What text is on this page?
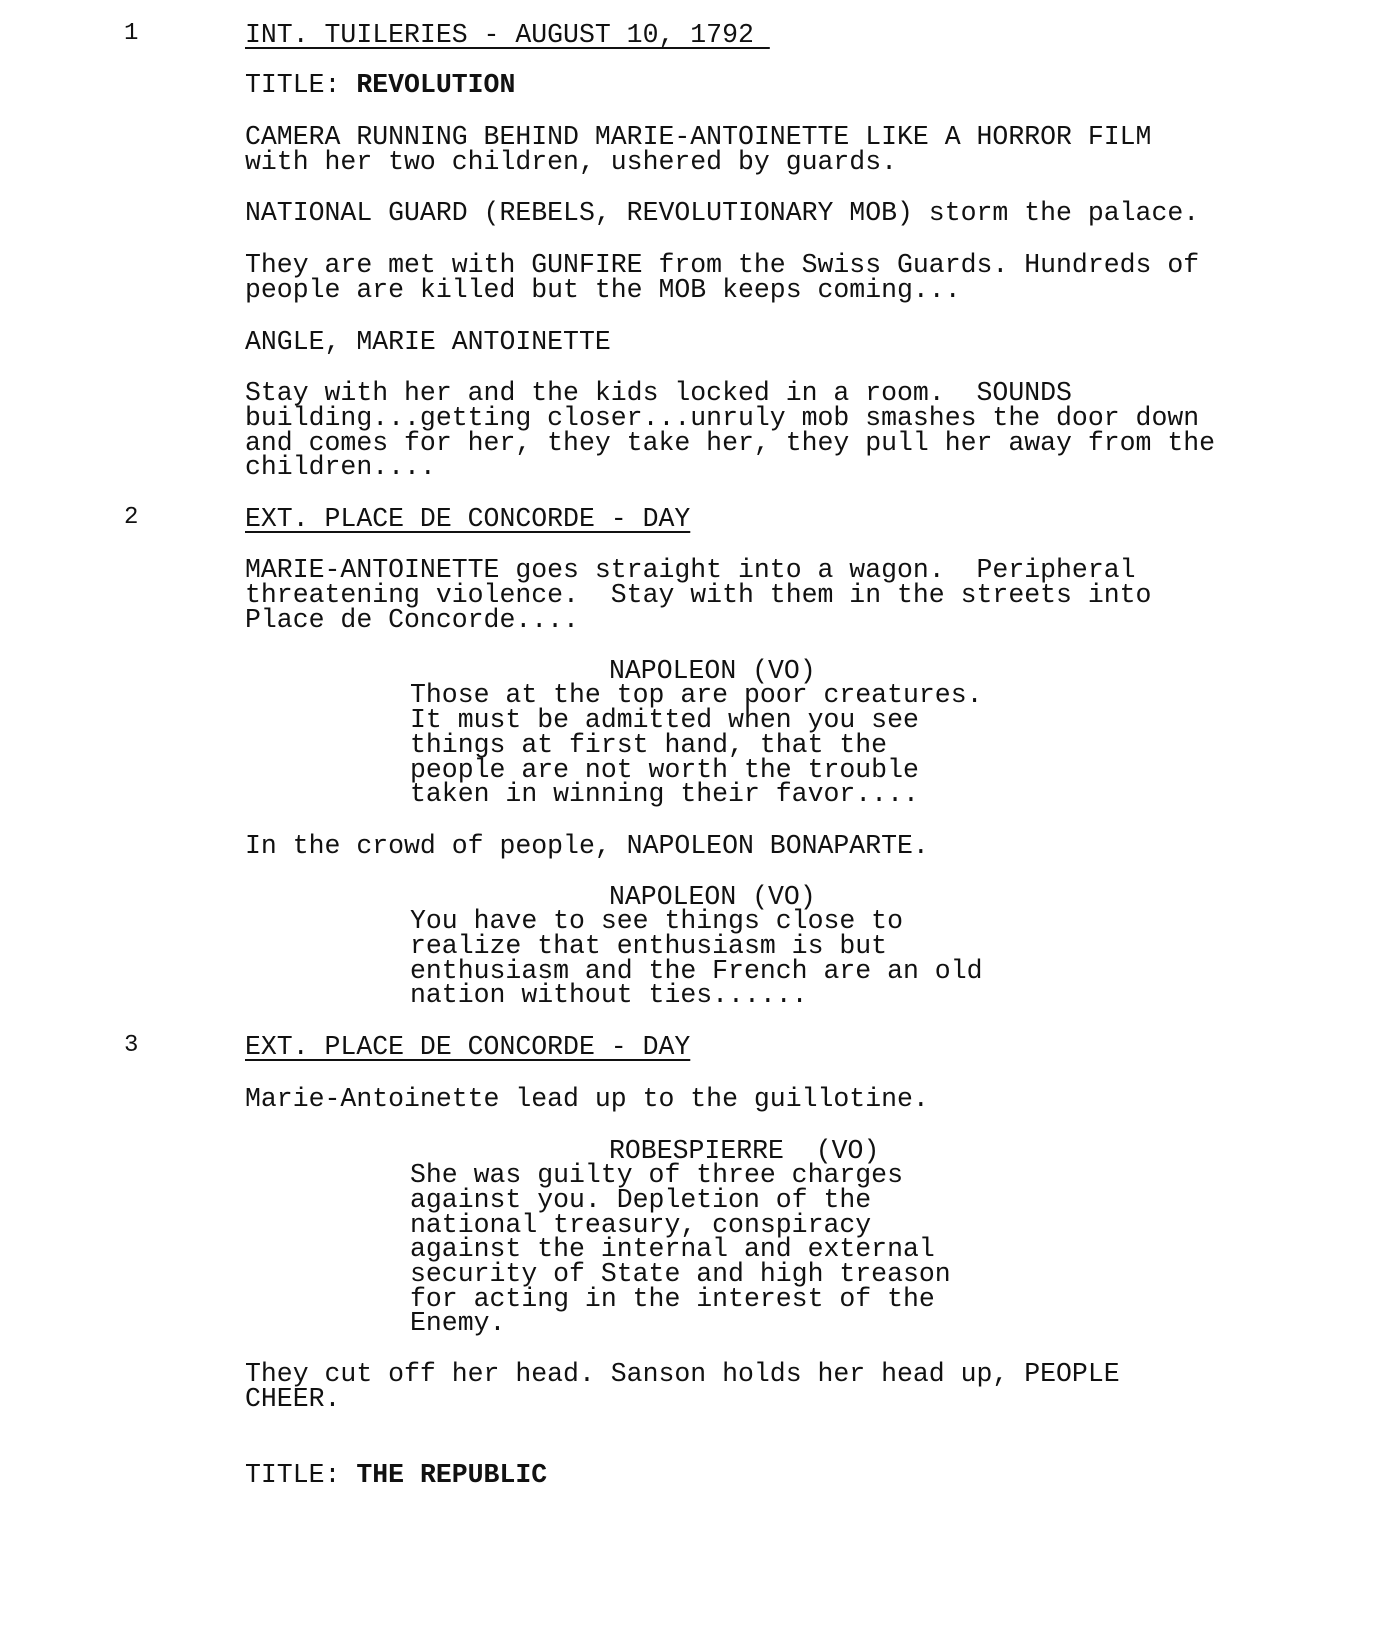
1	INT. TUILERIES - AUGUST 10, 1792
TITLE: REVOLUTION
CAMERA RUNNING BEHIND MARIE-ANTOINETTE LIKE A HORROR FILM
with her two children, ushered by guards.
NATIONAL GUARD (REBELS, REVOLUTIONARY MOB) storm the palace.
They are met with GUNFIRE from the Swiss Guards. Hundreds of
people are killed but the MOB keeps coming...
ANGLE, MARIE ANTOINETTE
Stay with her and the kids locked in a room.  SOUNDS
building...getting closer...unruly mob smashes the door down
and comes for her, they take her, they pull her away from the
children....
2	EXT. PLACE DE CONCORDE - DAY
MARIE-ANTOINETTE goes straight into a wagon.  Peripheral
threatening violence.  Stay with them in the streets into
Place de Concorde....
NAPOLEON (VO)
Those at the top are poor creatures.
It must be admitted when you see
things at first hand, that the
people are not worth the trouble
taken in winning their favor....
In the crowd of people, NAPOLEON BONAPARTE.
NAPOLEON (VO)
You have to see things close to
realize that enthusiasm is but
enthusiasm and the French are an old
nation without ties......
3	EXT. PLACE DE CONCORDE - DAY
Marie-Antoinette lead up to the guillotine.
ROBESPIERRE  (VO)
She was guilty of three charges
against you. Depletion of the
national treasury, conspiracy
against the internal and external
security of State and high treason
for acting in the interest of the
Enemy.
They cut off her head. Sanson holds her head up, PEOPLE
CHEER.
TITLE: THE REPUBLIC
